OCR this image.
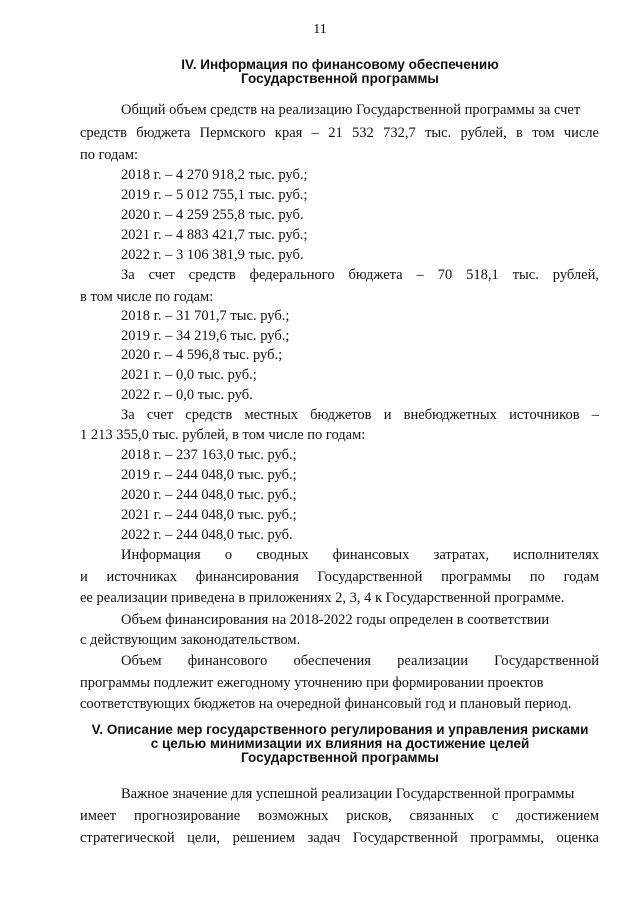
11
IV. Информация по финансовому обеспечению
Государственной программы
Общий объем средств на реализацию Государственной программы за счет
средств бюджета Пермского края – 21 532 732,7 тыс. рублей, в том числе
по годам:
2018 г. – 4 270 918,2 тыс. руб.;
2019 г. – 5 012 755,1 тыс. руб.;
2020 г. – 4 259 255,8 тыс. руб.
2021 г. – 4 883 421,7 тыс. руб.;
2022 г. – 3 106 381,9 тыс. руб.
За счет средств федерального бюджета – 70 518,1 тыс. рублей,
в том числе по годам:
2018 г. – 31 701,7 тыс. руб.;
2019 г. – 34 219,6 тыс. руб.;
2020 г. – 4 596,8 тыс. руб.;
2021 г. – 0,0 тыс. руб.;
2022 г. – 0,0 тыс. руб.
За счет средств местных бюджетов и внебюджетных источников –
1 213 355,0 тыс. рублей, в том числе по годам:
2018 г. – 237 163,0 тыс. руб.;
2019 г. – 244 048,0 тыс. руб.;
2020 г. – 244 048,0 тыс. руб.;
2021 г. – 244 048,0 тыс. руб.;
2022 г. – 244 048,0 тыс. руб.
Информация о сводных финансовых затратах, исполнителях
и источниках финансирования Государственной программы по годам
ее реализации приведена в приложениях 2, 3, 4 к Государственной программе.
Объем финансирования на 2018-2022 годы определен в соответствии
с действующим законодательством.
Объем финансового обеспечения реализации Государственной
программы подлежит ежегодному уточнению при формировании проектов
соответствующих бюджетов на очередной финансовый год и плановый период.
V. Описание мер государственного регулирования и управления рисками
с целью минимизации их влияния на достижение целей
Государственной программы
Важное значение для успешной реализации Государственной программы
имеет прогнозирование возможных рисков, связанных с достижением
стратегической цели, решением задач Государственной программы, оценка
